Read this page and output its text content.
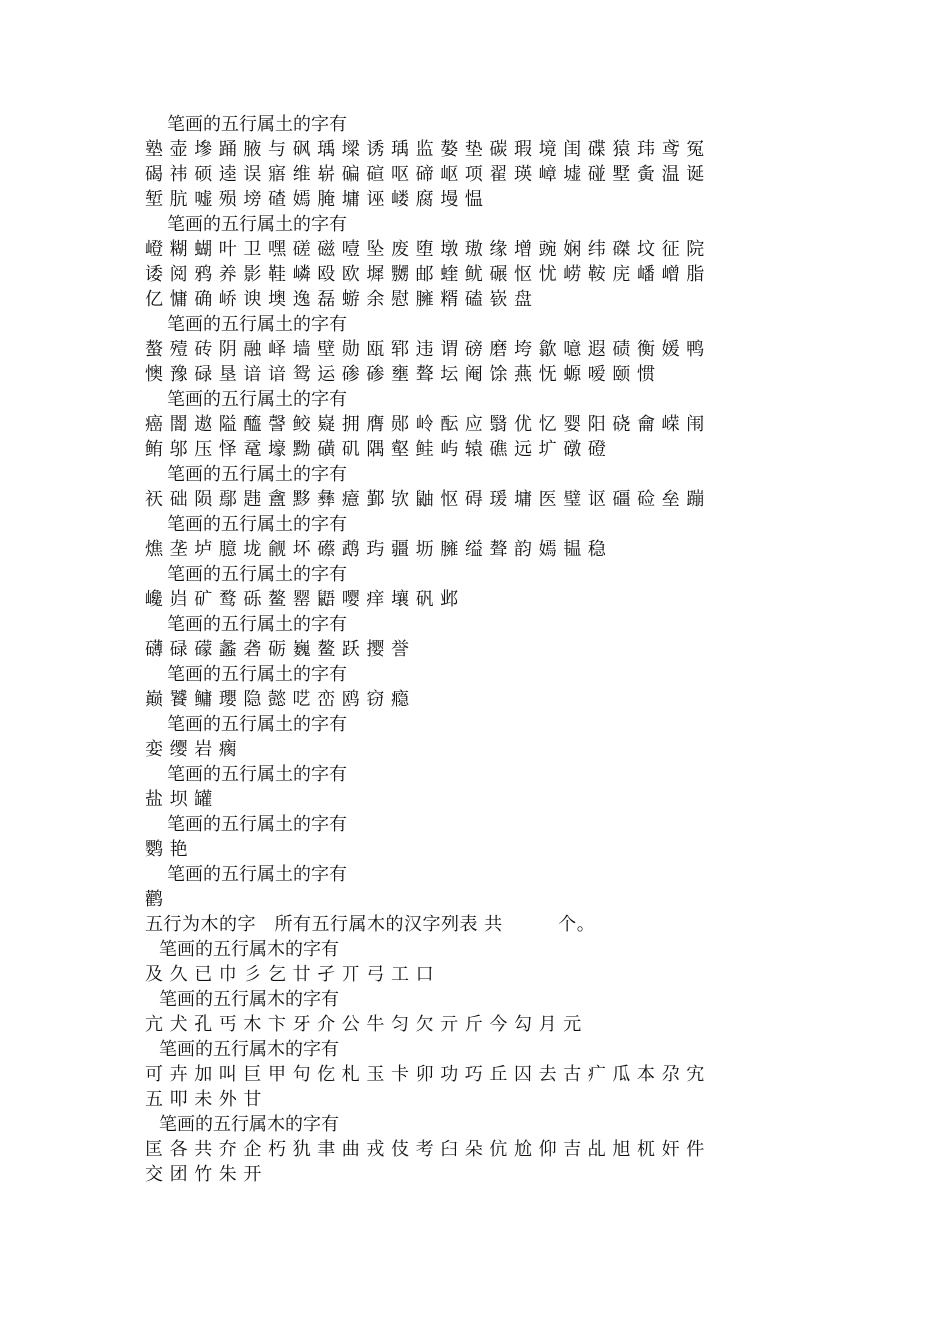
笔画的五行属土的字有

塾壶墋踊腋与砜瑀墚诱瑀监嫯垫碳瑕境闺碟猿玮鸢冤

碣祎硕逵误寤维崭碥碹呕碲岖项翟瑛嶂墟碰墅夤温诞

堑肮嘘殒塝碴嫣腌墉诬嵝腐墁愠

笔画的五行属土的字有

嶝糊蝴叶卫嘿磋磁噎坠废堕墩璈缘增豌娴纬磔坟征院

诿阅鸦养影鞋嶙殴欧墀嬲邮蝰鱿碾怄忧崂鞍庑嶓嶒脂

亿慵确峤谀墺逸磊蝣余慰臃糈磕嵚盘

笔画的五行属土的字有

螯殪砖阴融峄墙壁勋瓯郓违谓磅磨垮歙噫遐碛衡媛鸭

懊豫碌垦谙谙鸳运碜碜壅聱坛阉馀燕怃螈嗳颐惯

笔画的五行属土的字有

癌闇遨隘醯謦鲛嶷拥膺郧岭酝应翳优忆婴阳硗龠嵘闱

鲔邬压怿鼋壕黝磺矶隅壑鲑屿辕礁远圹礅磴

笔画的五行属土的字有

祆础陨鄢韪盦黟彝癔鄞欤鼬怄碍瑗墉医璧讴礓硷垒蹦

笔画的五行属土的字有

燋垄垆臆垅觎坏礤鹉玙疆坜臃缢聱韵嫣韫稳

笔画的五行属土的字有

巉岿矿鹜砾鳌罂鼯嘤痒壤矾邺

笔画的五行属土的字有

礴碌礞蠡砻砺巍鳌跃撄誉

笔画的五行属土的字有

巅饕鳙瓔隐懿呓峦鸥窃瘾

笔画的五行属土的字有

娈缨岩瘸

笔画的五行属土的字有

盐坝罐

笔画的五行属土的字有

鹦艳

笔画的五行属土的字有

鹳

五行为木的字　所有五行属木的汉字列表 共　　　个。

笔画的五行属木的字有

及久已巾彡乞廿孑丌弓工口

笔画的五行属木的字有

亢犬孔丐木卞牙介公牛匀欠亓斤今勾月元

笔画的五行属木的字有

可卉加叫巨甲句仡札玉卡卯功巧丘囚去古疒瓜本尕宄

五叩未外甘

笔画的五行属木的字有

匡各共夰企朽犰聿曲戎伎考臼朵伉尬仰吉乩旭杌奸件

交团竹朱开
